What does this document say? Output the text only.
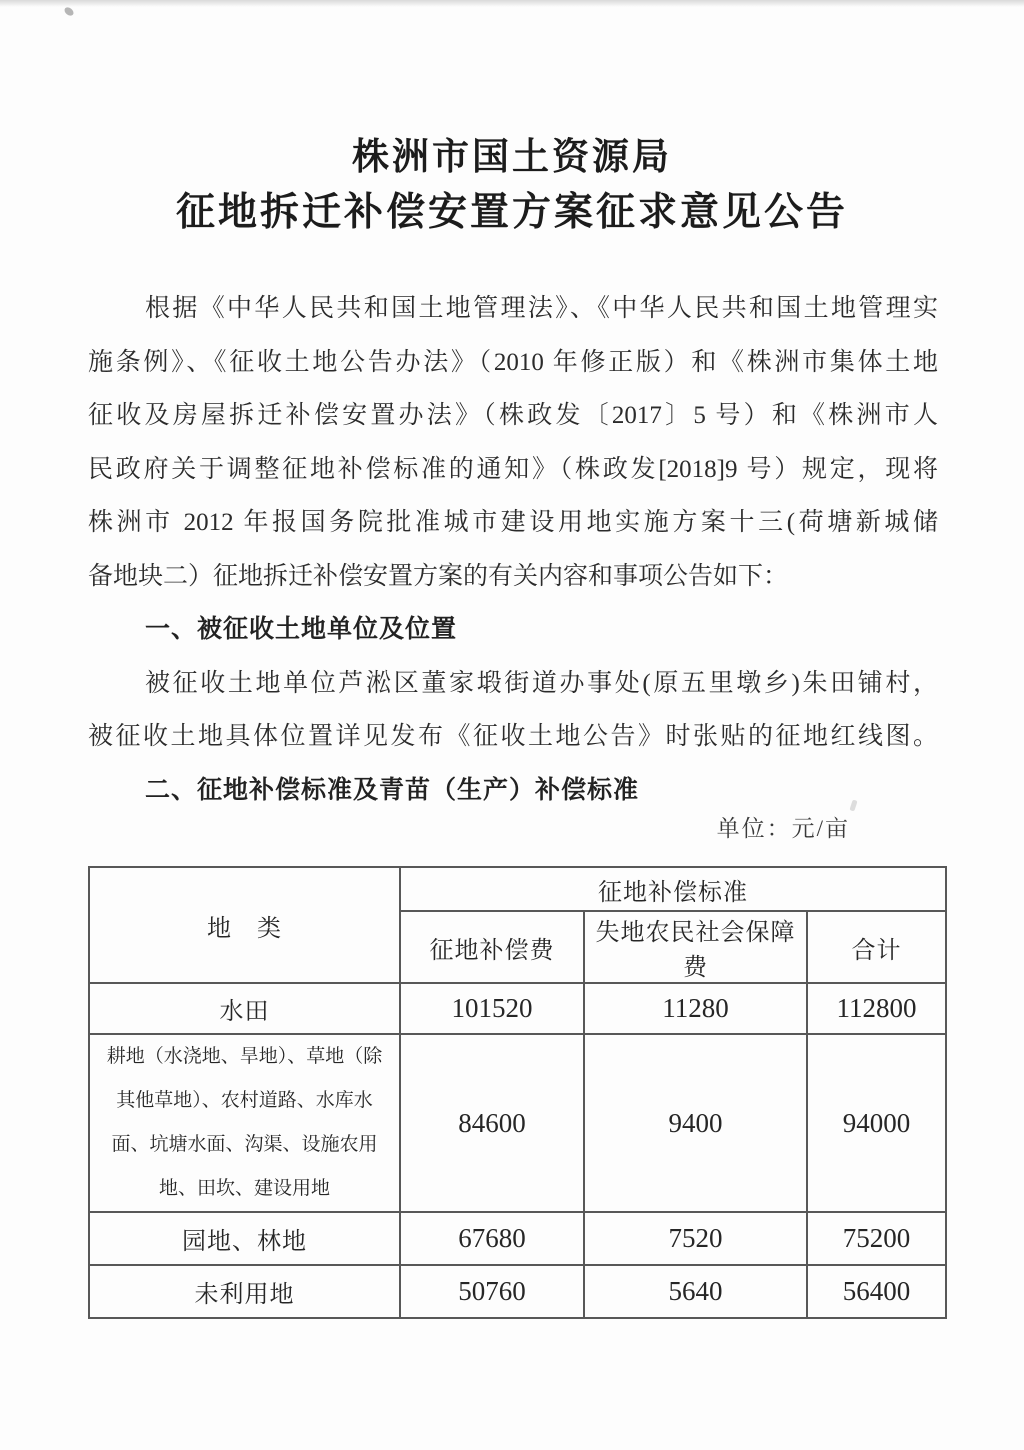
株洲市国土资源局
征地拆迁补偿安置方案征求意见公告
根据《中华人民共和国土地管理法》、《中华人民共和国土地管理实
施条例》、《征收土地公告办法》（2010 年修正版）和《株洲市集体土地
征收及房屋拆迁补偿安置办法》（株政发〔2017〕5 号）和《株洲市人
民政府关于调整征地补偿标准的通知》（株政发[2018]9 号）规定，现将
株洲市 2012 年报国务院批准城市建设用地实施方案十三(荷塘新城储
备地块二）征地拆迁补偿安置方案的有关内容和事项公告如下：
一、被征收土地单位及位置
被征收土地单位芦淞区董家塅街道办事处(原五里墩乡)朱田铺村，
被征收土地具体位置详见发布《征收土地公告》时张贴的征地红线图。
二、征地补偿标准及青苗（生产）补偿标准
单位：元/亩
地　类	征地补偿标准		
	征地补偿费	失地农民社会保障费	合计

水田	101520	11280	112800

耕地（水浇地、旱地）、草地（除
其他草地）、农村道路、水库水
面、坑塘水面、沟渠、设施农用
地、田坎、建设用地	84600	9400	94000

园地、林地	67680	7520	75200

未利用地	50760	5640	56400
